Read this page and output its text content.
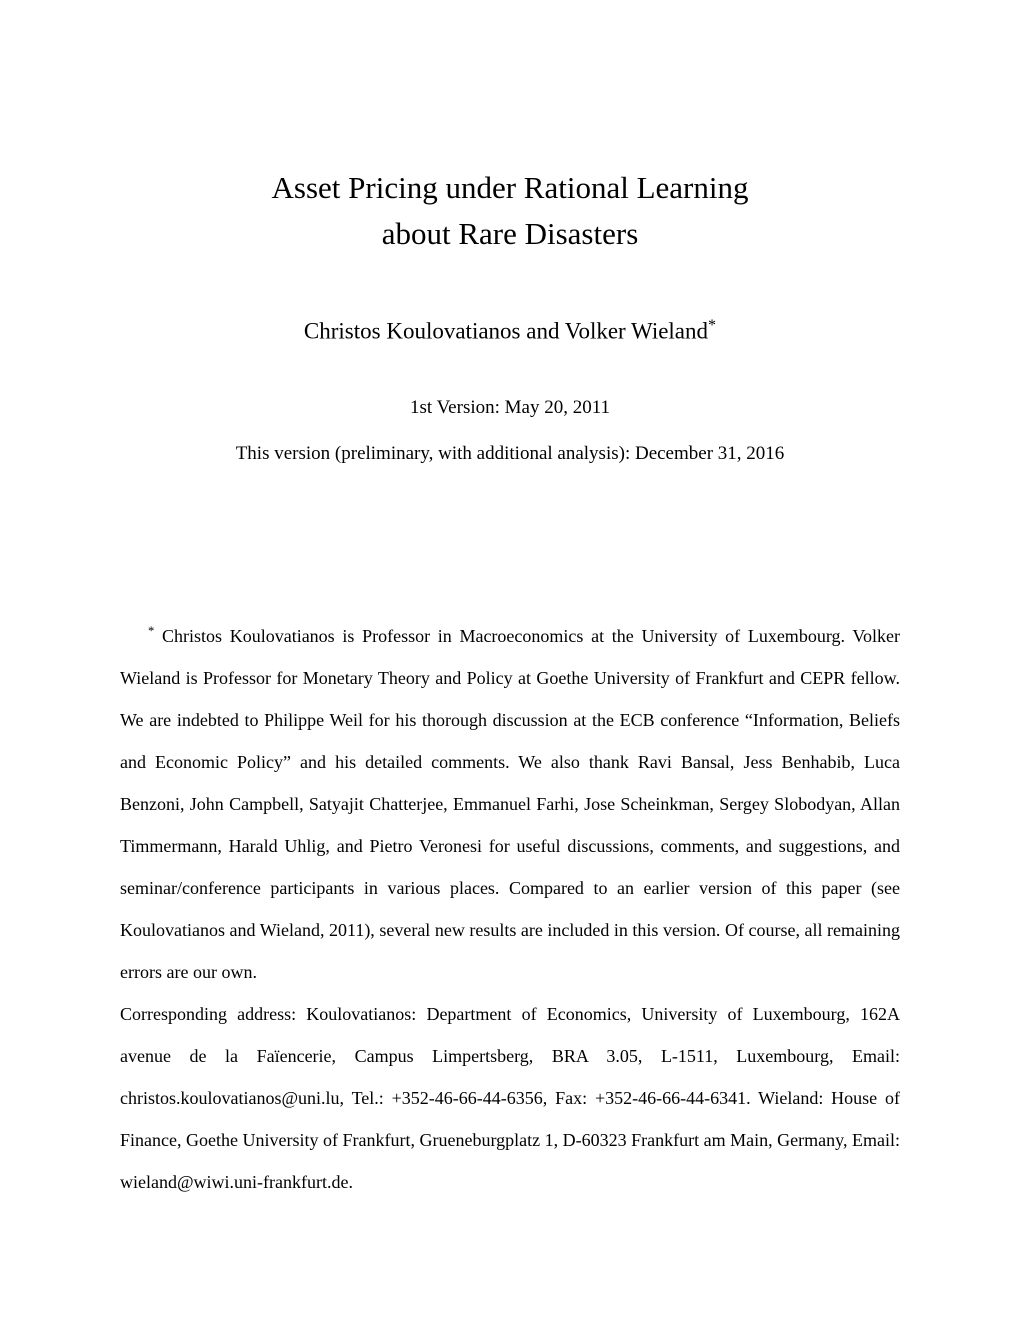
Asset Pricing under Rational Learning
about Rare Disasters
Christos Koulovatianos and Volker Wieland*
1st Version: May 20, 2011
This version (preliminary, with additional analysis): December 31, 2016

* Christos Koulovatianos is Professor in Macroeconomics at the University of Luxembourg. Volker Wieland is Professor for Monetary Theory and Policy at Goethe University of Frankfurt and CEPR fellow. We are indebted to Philippe Weil for his thorough discussion at the ECB conference “Information, Beliefs and Economic Policy” and his detailed comments. We also thank Ravi Bansal, Jess Benhabib, Luca Benzoni, John Campbell, Satyajit Chatterjee, Emmanuel Farhi, Jose Scheinkman, Sergey Slobodyan, Allan Timmermann, Harald Uhlig, and Pietro Veronesi for useful discussions, comments, and suggestions, and seminar/conference participants in various places. Compared to an earlier version of this paper (see Koulovatianos and Wieland, 2011), several new results are included in this version. Of course, all remaining errors are our own.

Corresponding address: Koulovatianos: Department of Economics, University of Luxembourg, 162A avenue de la Faïencerie, Campus Limpertsberg, BRA 3.05, L-1511, Luxembourg, Email: christos.koulovatianos@uni.lu, Tel.: +352-46-66-44-6356, Fax: +352-46-66-44-6341. Wieland: House of Finance, Goethe University of Frankfurt, Grueneburgplatz 1, D-60323 Frankfurt am Main, Germany, Email: wieland@wiwi.uni-frankfurt.de.
